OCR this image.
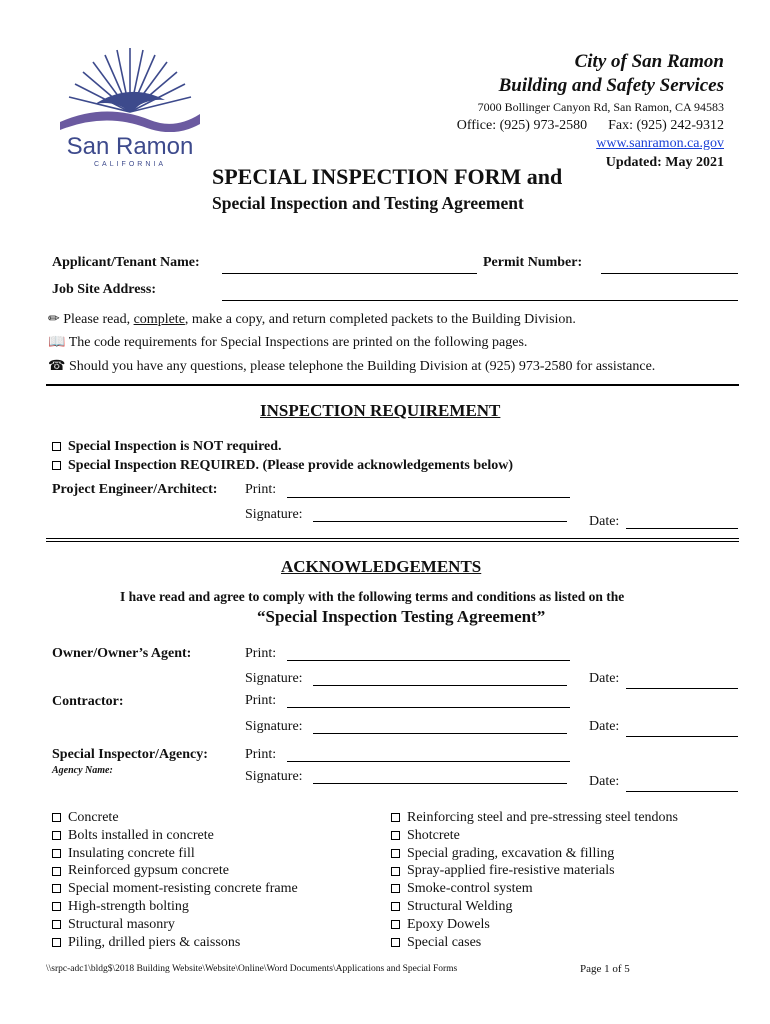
San Ramon
CALIFORNIA
City of San Ramon
Building and Safety Services
7000 Bollinger Canyon Rd, San Ramon, CA 94583
Office: (925) 973-2580 Fax: (925) 242-9312
www.sanramon.ca.gov
Updated: May 2021
SPECIAL INSPECTION FORM and
Special Inspection and Testing Agreement
Applicant/Tenant Name:	Permit Number:
Job Site Address:
✏ Please read, complete, make a copy, and return completed packets to the Building Division.
📖 The code requirements for Special Inspections are printed on the following pages.
☎ Should you have any questions, please telephone the Building Division at (925) 973-2580 for assistance.
INSPECTION REQUIREMENT
Special Inspection is NOT required.
Special Inspection REQUIRED. (Please provide acknowledgements below)
Project Engineer/Architect: Print:
Signature:	Date:
ACKNOWLEDGEMENTS
I have read and agree to comply with the following terms and conditions as listed on the
“Special Inspection Testing Agreement”
Owner/Owner’s Agent:	Print:
Signature:	Date:
Contractor:	Print:
Signature:	Date:
Special Inspector/Agency:
Agency Name:
Print:
Signature:	Date:
Concrete
Bolts installed in concrete
Insulating concrete fill
Reinforced gypsum concrete
Special moment-resisting concrete frame
High-strength bolting
Structural masonry
Piling, drilled piers & caissons
Reinforcing steel and pre-stressing steel tendons
Shotcrete
Special grading, excavation & filling
Spray-applied fire-resistive materials
Smoke-control system
Structural Welding
Epoxy Dowels
Special cases
\\srpc-adc1\bldg$\2018 Building Website\Website\Online\Word Documents\Applications and Special Forms	Page 1 of 5
